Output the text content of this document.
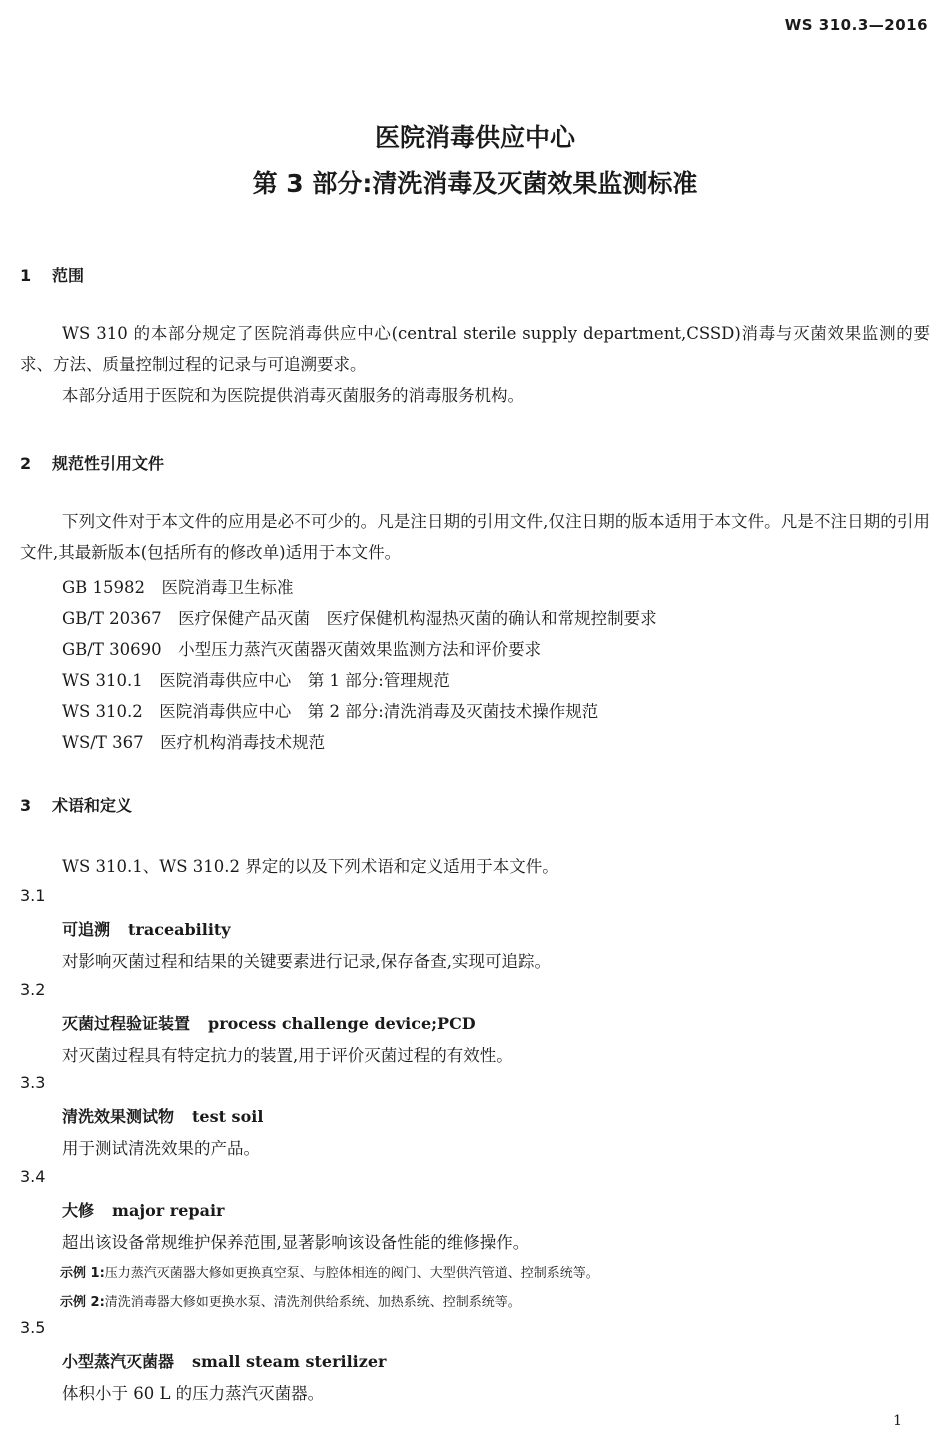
WS 310.3—2016
医院消毒供应中心
第 3 部分:清洗消毒及灭菌效果监测标准
1 范围
WS 310 的本部分规定了医院消毒供应中心(central sterile supply department,CSSD)消毒与灭菌效果监测的要求、方法、质量控制过程的记录与可追溯要求。
本部分适用于医院和为医院提供消毒灭菌服务的消毒服务机构。
2 规范性引用文件
下列文件对于本文件的应用是必不可少的。凡是注日期的引用文件,仅注日期的版本适用于本文件。凡是不注日期的引用文件,其最新版本(包括所有的修改单)适用于本文件。
GB 15982　医院消毒卫生标准
GB/T 20367　医疗保健产品灭菌　医疗保健机构湿热灭菌的确认和常规控制要求
GB/T 30690　小型压力蒸汽灭菌器灭菌效果监测方法和评价要求
WS 310.1　医院消毒供应中心　第 1 部分:管理规范
WS 310.2　医院消毒供应中心　第 2 部分:清洗消毒及灭菌技术操作规范
WS/T 367　医疗机构消毒技术规范
3 术语和定义
WS 310.1、WS 310.2 界定的以及下列术语和定义适用于本文件。
3.1
可追溯 traceability
对影响灭菌过程和结果的关键要素进行记录,保存备查,实现可追踪。
3.2
灭菌过程验证装置 process challenge device;PCD
对灭菌过程具有特定抗力的装置,用于评价灭菌过程的有效性。
3.3
清洗效果测试物 test soil
用于测试清洗效果的产品。
3.4
大修 major repair
超出该设备常规维护保养范围,显著影响该设备性能的维修操作。
示例 1:压力蒸汽灭菌器大修如更换真空泵、与腔体相连的阀门、大型供汽管道、控制系统等。
示例 2:清洗消毒器大修如更换水泵、清洗剂供给系统、加热系统、控制系统等。
3.5
小型蒸汽灭菌器 small steam sterilizer
体积小于 60 L 的压力蒸汽灭菌器。
1
